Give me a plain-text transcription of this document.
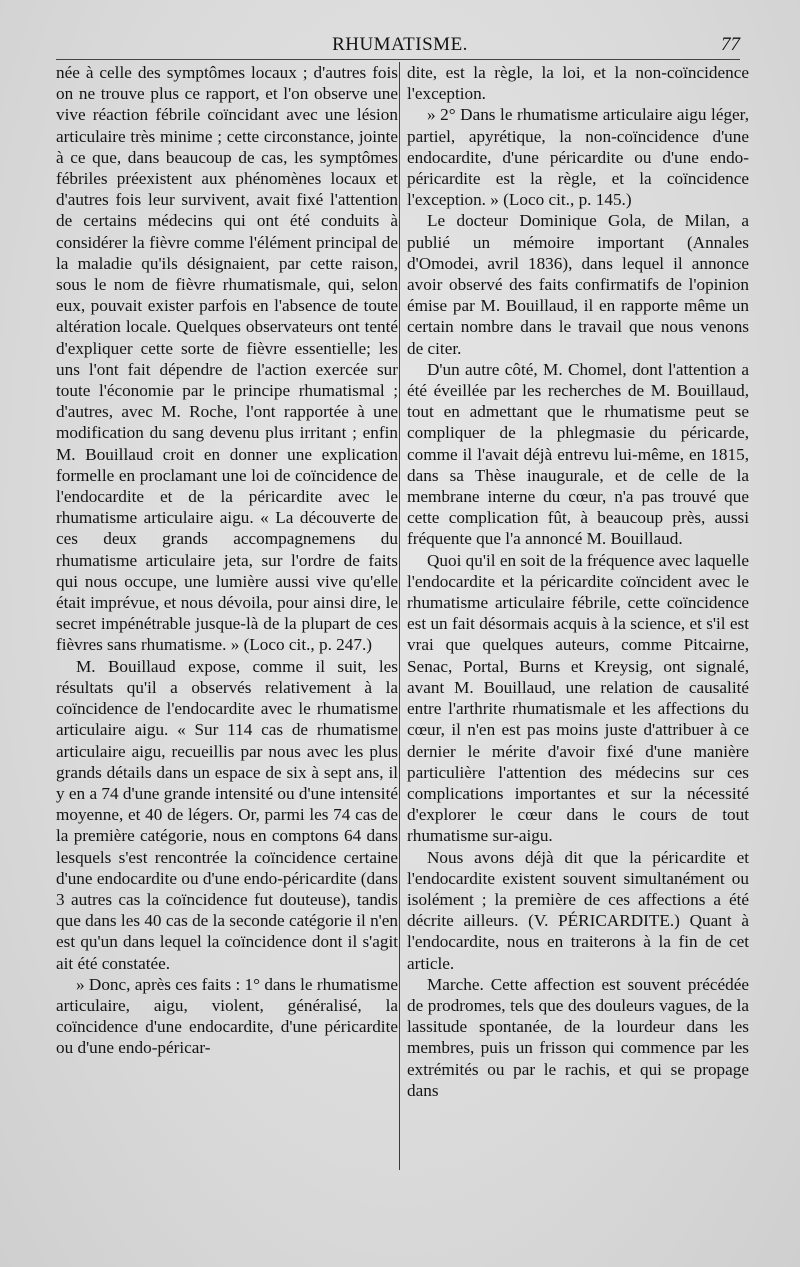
RHUMATISME.	77

née à celle des symptômes locaux ; d'autres fois on ne trouve plus ce rapport, et l'on observe une vive réaction fébrile coïncidant avec une lésion articulaire très minime ; cette circonstance, jointe à ce que, dans beaucoup de cas, les symptômes fébriles préexistent aux phénomènes locaux et d'autres fois leur survivent, avait fixé l'attention de certains médecins qui ont été conduits à considérer la fièvre comme l'élément principal de la maladie qu'ils désignaient, par cette raison, sous le nom de fièvre rhumatismale, qui, selon eux, pouvait exister parfois en l'absence de toute altération locale. Quelques observateurs ont tenté d'expliquer cette sorte de fièvre essentielle; les uns l'ont fait dépendre de l'action exercée sur toute l'économie par le principe rhumatismal ; d'autres, avec M. Roche, l'ont rapportée à une modification du sang devenu plus irritant ; enfin M. Bouillaud croit en donner une explication formelle en proclamant une loi de coïncidence de l'endocardite et de la péricardite avec le rhumatisme articulaire aigu. « La découverte de ces deux grands accompagnemens du rhumatisme articulaire jeta, sur l'ordre de faits qui nous occupe, une lumière aussi vive qu'elle était imprévue, et nous dévoila, pour ainsi dire, le secret impénétrable jusque-là de la plupart de ces fièvres sans rhumatisme. » (Loco cit., p. 247.)

M. Bouillaud expose, comme il suit, les résultats qu'il a observés relativement à la coïncidence de l'endocardite avec le rhumatisme articulaire aigu. « Sur 114 cas de rhumatisme articulaire aigu, recueillis par nous avec les plus grands détails dans un espace de six à sept ans, il y en a 74 d'une grande intensité ou d'une intensité moyenne, et 40 de légers. Or, parmi les 74 cas de la première catégorie, nous en comptons 64 dans lesquels s'est rencontrée la coïncidence certaine d'une endocardite ou d'une endo-péricardite (dans 3 autres cas la coïncidence fut douteuse), tandis que dans les 40 cas de la seconde catégorie il n'en est qu'un dans lequel la coïncidence dont il s'agit ait été constatée.

» Donc, après ces faits : 1° dans le rhumatisme articulaire, aigu, violent, généralisé, la coïncidence d'une endocardite, d'une péricardite ou d'une endo-péricar-

dite, est la règle, la loi, et la non-coïncidence l'exception.

» 2° Dans le rhumatisme articulaire aigu léger, partiel, apyrétique, la non-coïncidence d'une endocardite, d'une péricardite ou d'une endo-péricardite est la règle, et la coïncidence l'exception. » (Loco cit., p. 145.)

Le docteur Dominique Gola, de Milan, a publié un mémoire important (Annales d'Omodei, avril 1836), dans lequel il annonce avoir observé des faits confirmatifs de l'opinion émise par M. Bouillaud, il en rapporte même un certain nombre dans le travail que nous venons de citer.

D'un autre côté, M. Chomel, dont l'attention a été éveillée par les recherches de M. Bouillaud, tout en admettant que le rhumatisme peut se compliquer de la phlegmasie du péricarde, comme il l'avait déjà entrevu lui-même, en 1815, dans sa Thèse inaugurale, et de celle de la membrane interne du cœur, n'a pas trouvé que cette complication fût, à beaucoup près, aussi fréquente que l'a annoncé M. Bouillaud.

Quoi qu'il en soit de la fréquence avec laquelle l'endocardite et la péricardite coïncident avec le rhumatisme articulaire fébrile, cette coïncidence est un fait désormais acquis à la science, et s'il est vrai que quelques auteurs, comme Pitcairne, Senac, Portal, Burns et Kreysig, ont signalé, avant M. Bouillaud, une relation de causalité entre l'arthrite rhumatismale et les affections du cœur, il n'en est pas moins juste d'attribuer à ce dernier le mérite d'avoir fixé d'une manière particulière l'attention des médecins sur ces complications importantes et sur la nécessité d'explorer le cœur dans le cours de tout rhumatisme sur-aigu.

Nous avons déjà dit que la péricardite et l'endocardite existent souvent simultanément ou isolément ; la première de ces affections a été décrite ailleurs. (V. PÉRICARDITE.) Quant à l'endocardite, nous en traiterons à la fin de cet article.

Marche. Cette affection est souvent précédée de prodromes, tels que des douleurs vagues, de la lassitude spontanée, de la lourdeur dans les membres, puis un frisson qui commence par les extrémités ou par le rachis, et qui se propage dans
